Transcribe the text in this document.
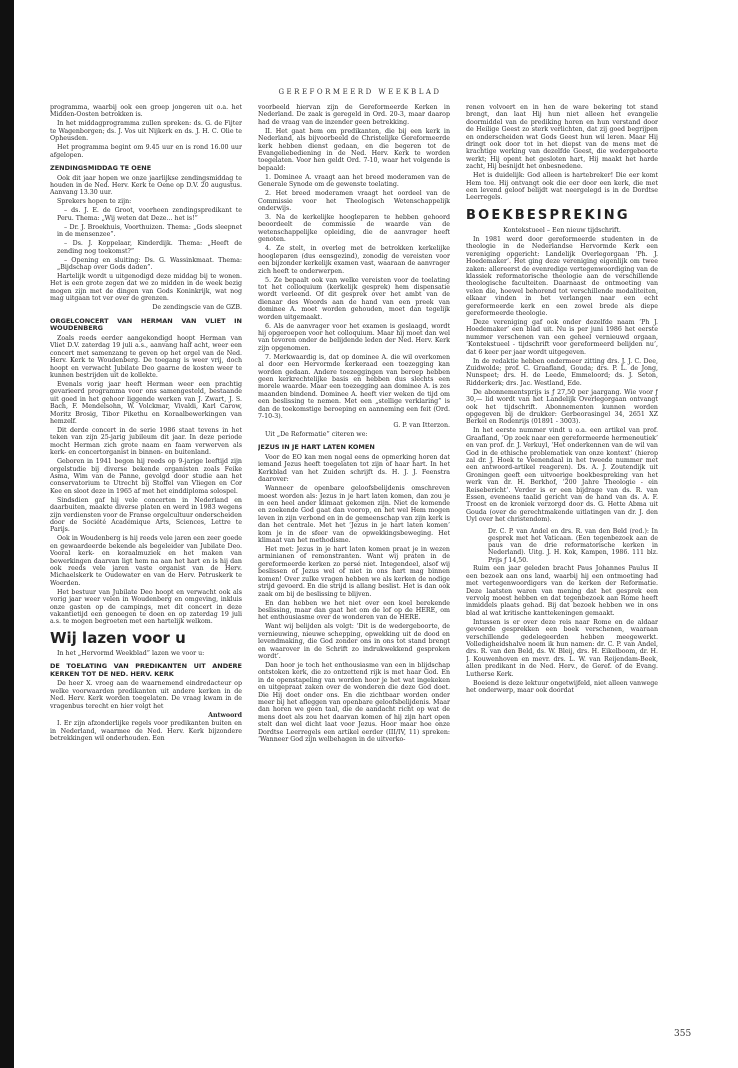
GEREFORMEERD WEEKBLAD

programma, waarbij ook een groep jongeren uit o.a. het Midden-Oosten betrokken is.

In het middagprogramma zullen spreken: ds. G. de Fijter te Wagenborgen; ds. J. Vos uit Nijkerk en ds. J. H. C. Olie te Opheusden.

Het programma begint om 9.45 uur en is rond 16.00 uur afgelopen.

ZENDINGSMIDDAG TE OENE

Ook dit jaar hopen we onze jaarlijkse zendingsmiddag te houden in de Ned. Herv. Kerk te Oene op D.V. 20 augustus. Aanvang 13.30 uur.

Sprekers hopen te zijn:

– ds. J. E. de Groot, voorheen zendingspredikant te Peru. Thema: „Wij weten dat Deze... het is!”

– Dr. J. Broekhuis, Voorthuizen. Thema: „Gods sleepnet in de mensenzee”.

– Ds. J. Koppelaar, Kinderdijk. Thema: „Heeft de zending nog toekomst?”

– Opening en sluiting: Ds. G. Wassinkmaat. Thema: „Bijdschap over Gods daden”.

Hartelijk wordt u uitgenodigd deze middag bij te wonen. Het is een grote zegen dat we zo midden in de week bezig mogen zijn met de dingen van Gods Koninkrijk, wat nog mag uitgaan tot ver over de grenzen.

De zendingscie van de GZB.

ORGELCONCERT VAN HERMAN VAN VLIET IN WOUDENBERG

Zoals reeds eerder aangekondigd hoopt Herman van Vliet D.V. zaterdag 19 juli a.s., aanvang half acht, weer een concert met samenzang te geven op het orgel van de Ned. Herv. Kerk te Woudenberg. De toegang is weer vrij, doch hoopt en verwacht Jubilate Deo gaarne de kosten weer te kunnen bestrijden uit de kollekte.

Evenals vorig jaar heeft Herman weer een prachtig gevarieerd programma voor ons samengesteld, bestaande uit goed in het gehoor liggende werken van J. Zwart, J. S. Bach, F. Mendelsohn, W. Volckmar, Vivaldi, Karl Carow, Moritz Brosig, Tibor Pikethu en Koraalbewerkingen van hemzelf.

Dit derde concert in de serie 1986 staat tevens in het teken van zijn 25-jarig jubileum dit jaar. In deze periode mocht Herman zich grote naam en faam verwerven als kerk- en concertorganist in binnen- en buitenland.

Geboren in 1941 begon hij reeds op 9-jarige leeftijd zijn orgelstudie bij diverse bekende organisten zoals Feike Asma, Wim van de Panne, gevolgd door studie aan het conservatorium te Utrecht bij Stoffel van Vliegen en Cor Kee en sloot deze in 1965 af met het einddiploma solospel.

Sindsdien gaf hij vele concerten in Nederland en daarbuiten, maakte diverse platen en werd in 1983 wegens zijn verdiensten voor de Franse orgelcultuur onderscheiden door de Société Académique Arts, Sciences, Lettre te Parijs.

Ook in Woudenberg is hij reeds vele jaren een zeer goede en gewaardeerde bekende als begeleider van Jubilate Deo. Vooral kerk- en koraalmuziek en het maken van bewerkingen daarvan ligt hem na aan het hart en is hij dan ook reeds vele jaren vaste organist van de Herv. Michaelskerk te Oudewater en van de Herv. Petruskerk te Woerden.

Het bestuur van Jubilate Deo hoopt en verwacht ook als vorig jaar weer velen in Woudenberg en omgeving, inkluis onze gasten op de campings, met dit concert in deze vakantietijd een genoegen te doen en op zaterdag 19 juli a.s. te mogen begroeten met een hartelijk welkom.

Wij lazen voor u

In het „Hervormd Weekblad” lazen we voor u:

DE TOELATING VAN PREDIKANTEN UIT ANDERE KERKEN TOT DE NED. HERV. KERK

De heer X. vroeg aan de waarnemend eindredacteur op welke voorwaarden predikanten uit andere kerken in de Ned. Herv. Kerk worden toegelaten. De vraag kwam in de vragenbus terecht en hier volgt het

Antwoord

I. Er zijn afzonderlijke regels voor predikanten buiten en in Nederland, waarmee de Ned. Herv. Kerk bijzondere betrekkingen wil onderhouden. Een

voorbeeld hiervan zijn de Gereformeerde Kerken in Nederland. De zaak is geregeld in Ord. 20-3, maar daarop had de vraag van de inzender geen betrekking.

II. Het gaat hem om predikanten, die bij een kerk in Nederland, als bijvoorbeeld de Christelijke Gereformeerde kerk hebben dienst gedaan, en die begeren tot de Evangeliebediening in de Ned. Herv. Kerk te worden toegelaten. Voor hen geldt Ord. 7-10, waar het volgende is bepaald:

1. Dominee A. vraagt aan het breed moderamen van de Generale Synode om de gewenste toelating.

2. Het breed moderamen vraagt het oordeel van de Commissie voor het Theologisch Wetenschappelijk onderwijs.

3. Na de kerkelijke hooglераren te hebben gehoord beoordeelt de commissie de waarde van de wetenschappelijke opleiding, die de aanvrager heeft genoten.

4. Ze stelt, in overleg met de betrokken kerkelijke hooglераren (dus eensgezind), zonodig de vereisten voor een bijzonder kerkelijk examen vast, waaraan de aanvrager zich heeft te onderwerpen.

5. Ze bepaalt ook van welke vereisten voor de toelating tot het colloquium (kerkelijk gesprek) hem dispensatie wordt verleend. Of dit gesprek over het ambt van de dienaar des Woords aan de hand van een preek van dominee A. moet worden gehouden, moet dan tegelijk worden uitgemaakt.

6. Als de aanvrager voor het examen is geslaagd, wordt hij opgeroepen voor het colloquium. Maar hij moet dan wel van tevoren onder de belijdende leden der Ned. Herv. Kerk zijn opgenomen.

7. Merkwaardig is, dat op dominee A. die wil overkomen al door een Hervormde kerkeraad een toezegging kan worden gedaan. Andere toezeggingen van beroep hebben geen kerkrechtelijke basis en hebben dus slechts een morele waarde. Maar een toezegging aan dominee A. is zes maanden bindend. Dominee A. heeft vier weken de tijd om een beslissing te nemen. Met een „stellige verklaring” is dan de toekomstige beroeping en aanneming een feit (Ord. 7-10-3).

G. P. van Itterzon.

Uit „De Reformatie” citeren we:

JEZUS IN JE HART LATEN KOMEN

Voor de EO kan men nogal eens de opmerking horen dat iemand Jezus heeft toegelaten tot zijn of haar hart. In het Kerkblad van het Zuiden schrijft ds. H. J. J. Feenstra daarover:

Wanneer de openbare geloofsbelijdenis omschreven moest worden als: Jezus in je hart laten komen, dan zou je in een heel ander klimaat gekomen zijn. Niet de komende en zoekende God gaat dan voorop, en het wel Hem mogen leven in zijn verbond en in de gemeenschap van zijn kerk is dan het centrale. Met het ‘Jezus in je hart laten komen’ kom je in de sfeer van de opwekkingsbeweging. Het klimaat van het methodisme.

Het met: Jezus in je hart laten komen praat je in wezen arminianen of remonstranten. Want wij praten in de gereformeerde kerken zo persé niet. Integendeel, alsof wij beslissen of Jezus wel of niet in ons hart mag binnen komen! Over zulke vragen hebben we als kerken de nodige strijd gevoerd. En die strijd is allang beslist. Het is dan ook zaak om bij de beslissing te blijven.

En dan hebben we het niet over een koel berekende beslissing, maar dan gaat het om de lof op de HERE, om het enthousiasme over de wonderen van de HERE.

Want wij belijden als volgt: ‘Dit is de wedergeboorte, de vernieuwing, nieuwe schepping, opwekking uit de dood en levendmaking, die God zonder ons in ons tot stand brengt en waarover in de Schrift zo indrukwekkend gesproken wordt’.

Dan hoor je toch het enthousiasme van een in blijdschap ontstoken kerk, die zo ontzettend rijk is met haar God. En in de openstapeling van worden hoor je het wat ingekeken en uitgepraat zaken over de wonderen die deze God doet. Die Hij doet onder ons. En die zichtbaar worden onder meer bij het afleggen van openbare geloofsbelijdenis. Maar dan horen we geen taal, die de aandacht richt op wat de mens doet als zou het daarvan komen of hij zijn hart open stelt dan wel dicht laat voor Jezus. Hoor maar hoe onze Dordtse Leerregels een artikel eerder (III/IV, 11) spreken: ‘Wanneer God zijn welbehagen in de uitverko-

renen volvoert en in hen de ware bekering tot stand brengt, dan laat Hij hun niet alleen het evangelie doormiddel van de prediking horen en hun verstand door de Heilige Geest zo sterk verlichten, dat zij goed begrijpen en onderscheiden wat Gods Geest hun wil leren. Maar Hij dringt ook door tot in het diepst van de mens met de krachtige werking van dezelfde Geest, die wedergeboorte werkt; Hij opent het gesloten hart, Hij maakt het harde zacht, Hij besnijdt het onbesnedene.

Het is duidelijk: God alleen is hartebreker! Die eer komt Hem toe. Hij ontvangt ook die eer door een kerk, die met een levend geloof belijdt wat neergelegd is in de Dordtse Leerregels.

BOEKBESPREKING

Kontekstueel – Een nieuw tijdschrift.

In 1981 werd door gereformeerde studenten in de theologie in de Nederlandse Hervormde Kerk een vereniging opgericht: Landelijk Overlegorgaan ‘Ph. J. Hoedemaker’. Het ging deze vereniging eigenlijk om twee zaken: allereerst de evenredige vertegenwoordiging van de klassiek reformatorische theologie aan de verschillende theologische faculteiten. Daarnaast de ontmoeting van velen die, hoewel behorend tot verschillende modaliteiten, elkaar vinden in het verlangen naar een echt gereformeerde kerk en een zowel brede als diepe gereformeerde theologie.

Deze vereniging gaf ook onder dezelfde naam ‘Ph J. Hoedemaker’ een blad uit. Nu is per juni 1986 het eerste nummer verschenen van een geheel vernieuwd orgaan, ‘Kontekstueel - tijdschrift voor gereformeerd belijden nu’, dat 6 keer per jaar wordt uitgegeven.

In de redaktie hebben ondermeer zitting drs. J. J. C. Dee, Zuidwolde; prof. C. Graafland, Gouda; drs. P. L. de Jong, Nunspeet; drs. H. de Leede, Emmeloord; ds. J. Seton, Ridderkerk; drs. Jac. Westland, Ede.

De abonnementsprijs is ƒ 27,50 per jaargang. Wie voor ƒ 30,— lid wordt van het Landelijk Overlegorgaan ontvangt ook het tijdschrift. Abonnementen kunnen worden opgegeven bij de drukker: Gerbeorasingel 34, 2651 XZ Berkel en Rodenrijs (01891 - 3003).

In het eerste nummer vindt u o.a. een artikel van prof. Graafland, ‘Op zoek naar een gereformeerde hermeneutiek’ en van prof. dr. J. Verkuyl, ‘Het onderkennen van de wil van God in de ethische problematiek van onze kontext’ (hierop zal dr. J. Hoek te Veenendaal in het tweede nummer met een antwoord-artikel reageren). Ds. A. J. Zoutendijk uit Groningen geeft een uitvoerige boekbespreking van het werk van dr. H. Berkhof, ‘200 Jahre Theologie - ein Reisebericht’. Verder is er een bijdrage van ds. R. van Essen, eveneens taalid gericht van de hand van ds. A. F. Troost en de kroniek verzorgd door ds. G. Hette Abma uit Gouda (over de gerechtmakende uitlatingen van dr. J. den Uyl over het christendom).

Dr. C. P. van Andel en drs. R. van den Beld (red.): In gesprek met het Vaticaan. (Een tegenbezoek aan de paus van de drie reformatorische kerken in Nederland). Uitg. J. H. Kok, Kampen, 1986. 111 blz. Prijs ƒ 14,50.

Ruim een jaar geleden bracht Paus Johannes Paulus II een bezoek aan ons land, waarbij hij een ontmoeting had met vertegenwoordigers van de kerken der Reformatie. Deze laatsten waren van mening dat het gesprek een vervolg moest hebben en dat tegenbezoek aan Rome heeft inmiddels plaats gehad. Bij dat bezoek hebben we in ons blad al wat kritische kanttekeningen gemaakt.

Intussen is er over deze reis naar Rome en de aldaar gevoerde gesprekken een boek verschenen, waaraan verschillende gedelegeerden hebben meegewerkt. Volledigheidshalve noem ik hun namen: dr. C. P. van Andel, drs. R. van den Beld, ds. W. Bleij, drs. H. Eikelboom, dr. H. J. Kouwenhoven en mevr. drs. L. W. van Reijendam-Beek, allen predikant in de Ned. Herv., de Geref. of de Evang. Lutherse Kerk.

Boeiend is deze lektuur ongetwijfeld, niet alleen vanwege het onderwerp, maar ook doordat

355
